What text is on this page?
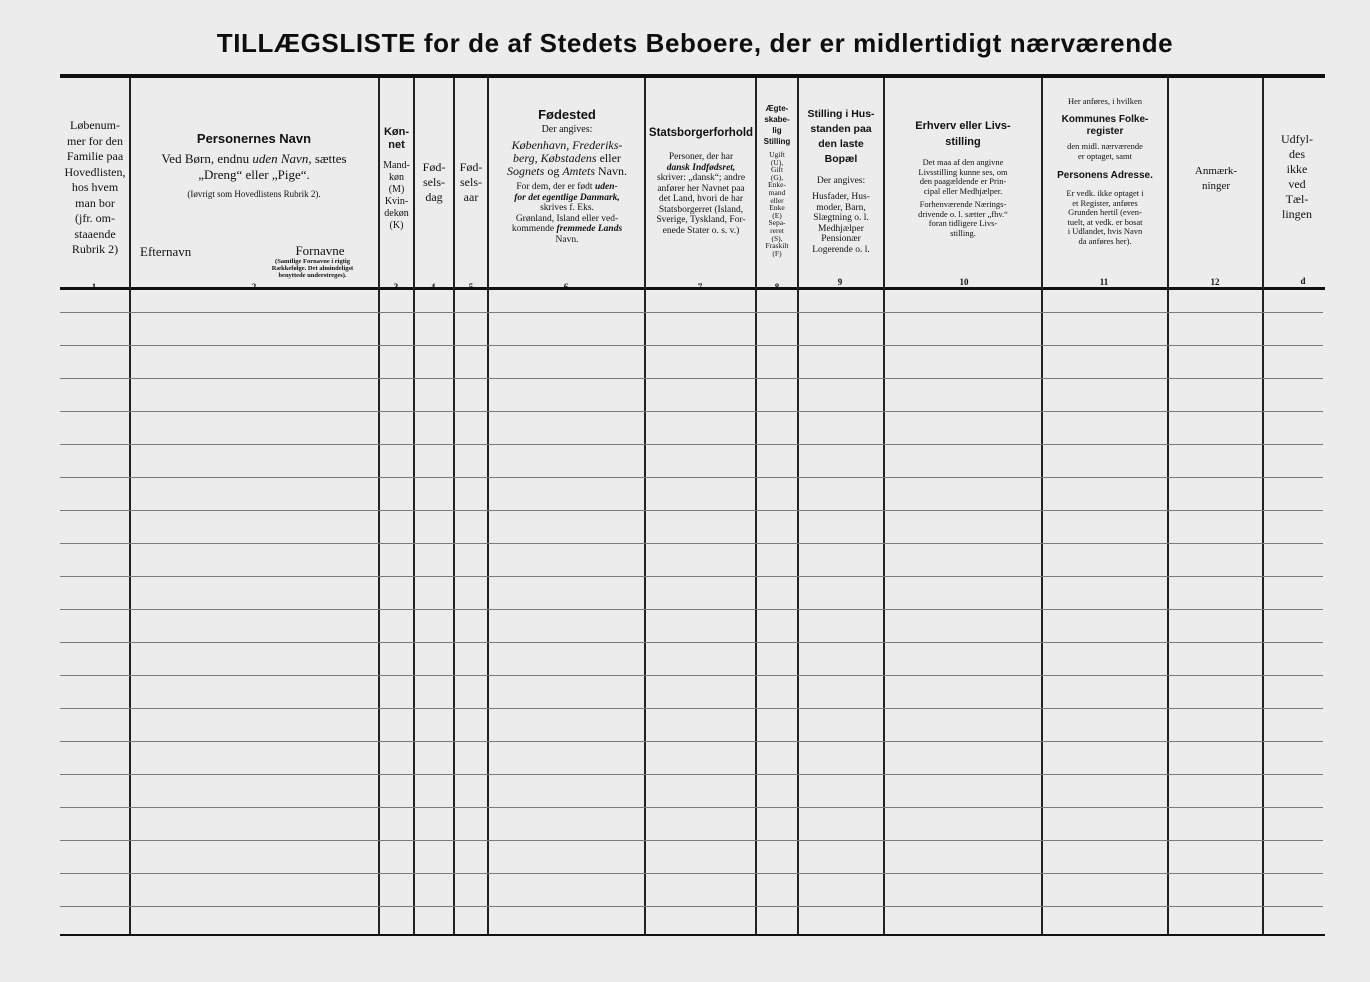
TILLÆGSLISTE for de af Stedets Beboere, der er midlertidigt nærværende
Løbenum-
mer for den
Familie paa
Hovedlisten,
hos hvem
man bor
(jfr. om-
staaende
Rubrik 2)
1
Personernes Navn
Ved Børn, endnu uden Navn, sættes
„Dreng“ eller „Pige“.
(Iøvrigt som Hovedlistens Rubrik 2).
Efternavn	Fornavne
(Samtlige Fornavne i rigtig
Rækkefølge. Det almindeligst
benyttede understreges).
2
Køn-
net
Mand-
køn
(M)
Kvin-
dekøn
(K)
3
Fød-
sels-
dag
4
Fød-
sels-
aar
5
Fødested
Der angives:
København, Frederiks-
berg, Købstadens eller
Sognets og Amtets Navn.
For dem, der er født uden-
for det egentlige Danmark,
skrives f. Eks.
Grønland, Island eller ved-
kommende fremmede Lands
Navn.
6
Statsborgerforhold
Personer, der har
dansk Indfødsret,
skriver: „dansk“; andre
anfører her Navnet paa
det Land, hvori de har
Statsborgerret (Island,
Sverige, Tyskland, For-
enede Stater o. s. v.)
7
Ægte-
skabe-
lig
Stilling
Ugift
(U),
Gift
(G),
Enke-
mand
eller
Enke
(E)
Sepa-
reret
(S),
Fraskilt
(F)
8
Stilling i Hus-
standen paa
den laste
Bopæl
Der angives:
Husfader, Hus-
moder, Barn,
Slægtning o. l.
Medhjælper
Pensionær
Logerende o. l.
9
Erhverv eller Livs-
stilling
Det maa af den angivne
Livsstilling kunne ses, om
den paagældende er Prin-
cipal eller Medhjælper.
Forhenværende Nærings-
drivende o. l. sætter „fhv.“
foran tidligere Livs-
stilling.
10
Her anføres, i hvilken
Kommunes Folke-
register
den midl. nærværende
er optaget, samt
Personens Adresse.
Er vedk. ikke optaget i
et Register, anføres
Grunden hertil (even-
tuelt, at vedk. er bosat
i Udlandet, hvis Navn
da anføres her).
11
Anmærk-
ninger
12
Udfyl-
des
ikke
ved
Tæl-
lingen
d
